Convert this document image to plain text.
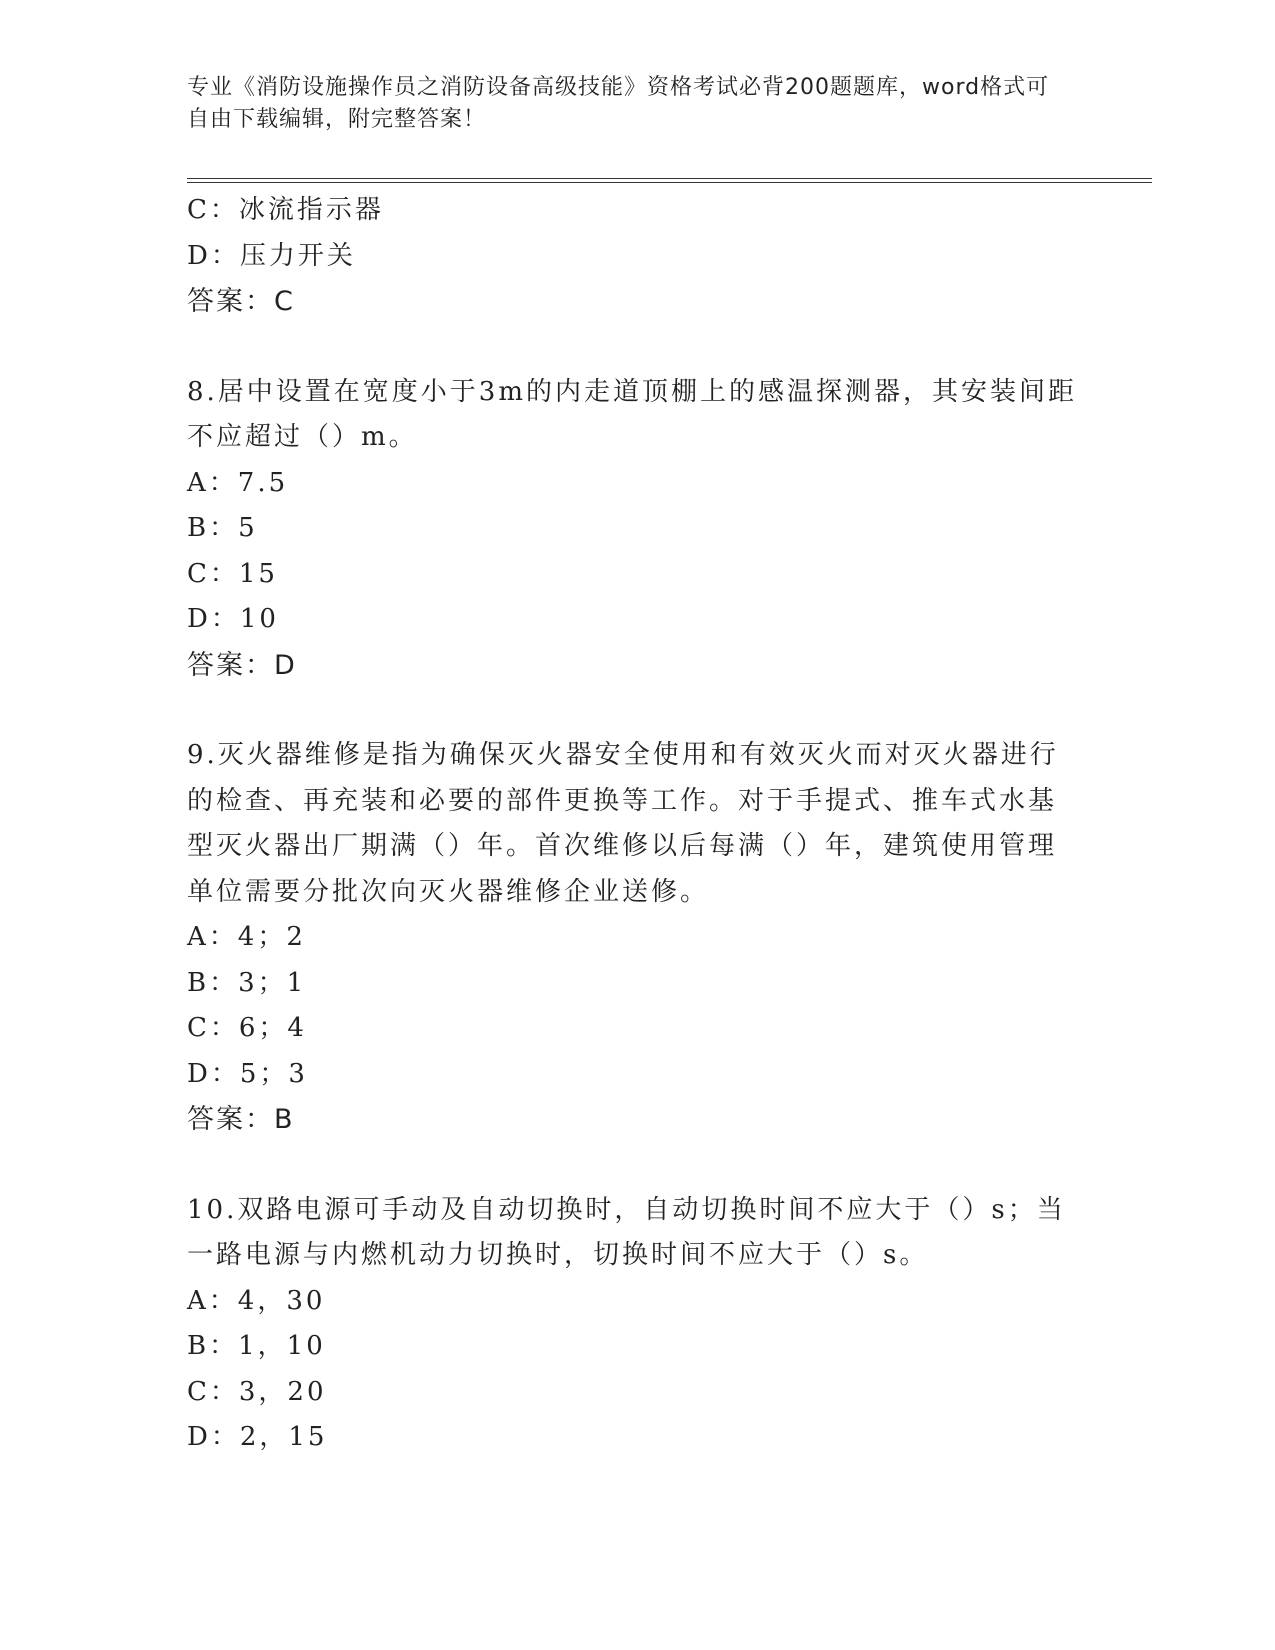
专业《消防设施操作员之消防设备高级技能》资格考试必背200题题库，word格式可自由下载编辑，附完整答案！
C：冰流指示器
D：压力开关
答案：C
8.居中设置在宽度小于3m的内走道顶棚上的感温探测器，其安装间距
不应超过（）m。
A：7.5
B：5
C：15
D：10
答案：D
9.灭火器维修是指为确保灭火器安全使用和有效灭火而对灭火器进行
的检查、再充装和必要的部件更换等工作。对于手提式、推车式水基
型灭火器出厂期满（）年。首次维修以后每满（）年，建筑使用管理
单位需要分批次向灭火器维修企业送修。
A：4；2
B：3；1
C：6；4
D：5；3
答案：B
10.双路电源可手动及自动切换时，自动切换时间不应大于（）s；当
一路电源与内燃机动力切换时，切换时间不应大于（）s。
A：4，30
B：1，10
C：3，20
D：2，15
